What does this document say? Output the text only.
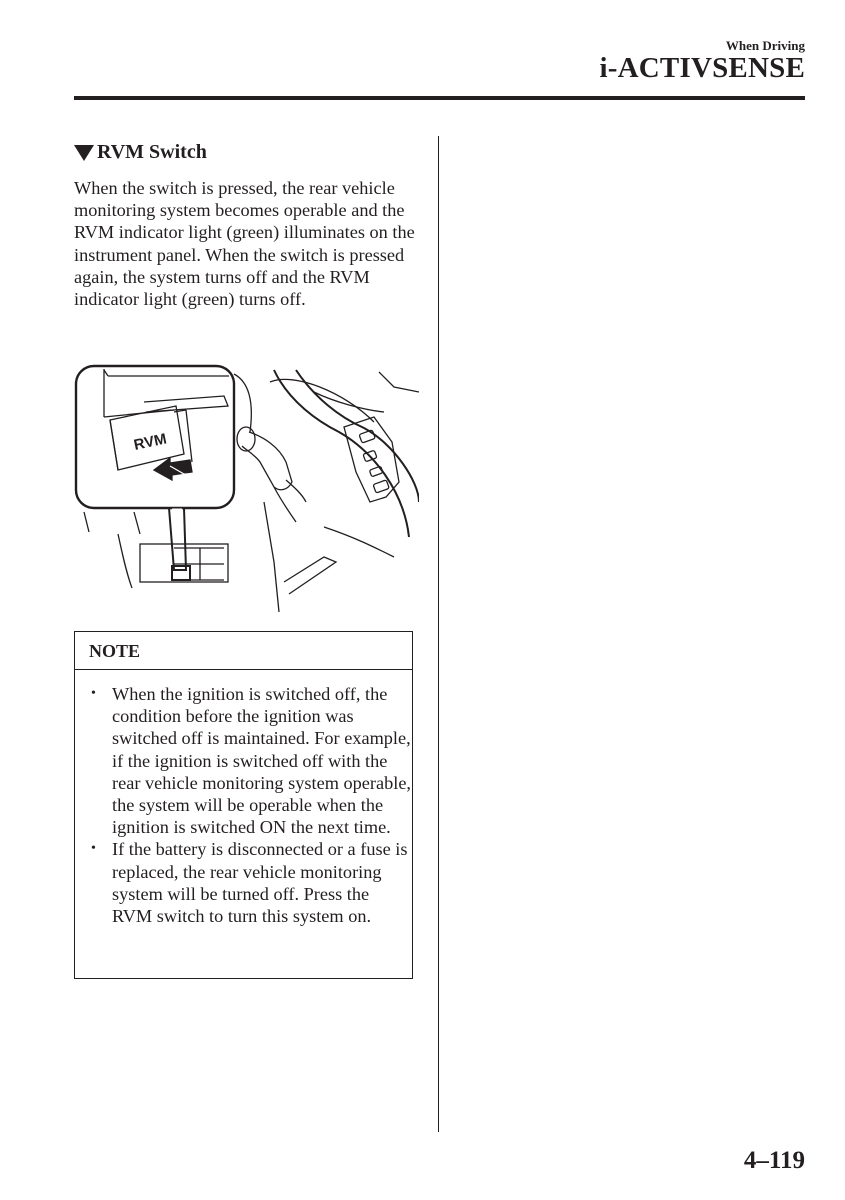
When Driving
i-ACTIVSENSE
RVM Switch

When the switch is pressed, the rear vehicle monitoring system becomes operable and the RVM indicator light (green) illuminates on the instrument panel. When the switch is pressed again, the system turns off and the RVM indicator light (green) turns off.

RVM
NOTE
• When the ignition is switched off, the condition before the ignition was switched off is maintained. For example, if the ignition is switched off with the rear vehicle monitoring system operable, the system will be operable when the ignition is switched ON the next time.
• If the battery is disconnected or a fuse is replaced, the rear vehicle monitoring system will be turned off. Press the RVM switch to turn this system on.
4–119
